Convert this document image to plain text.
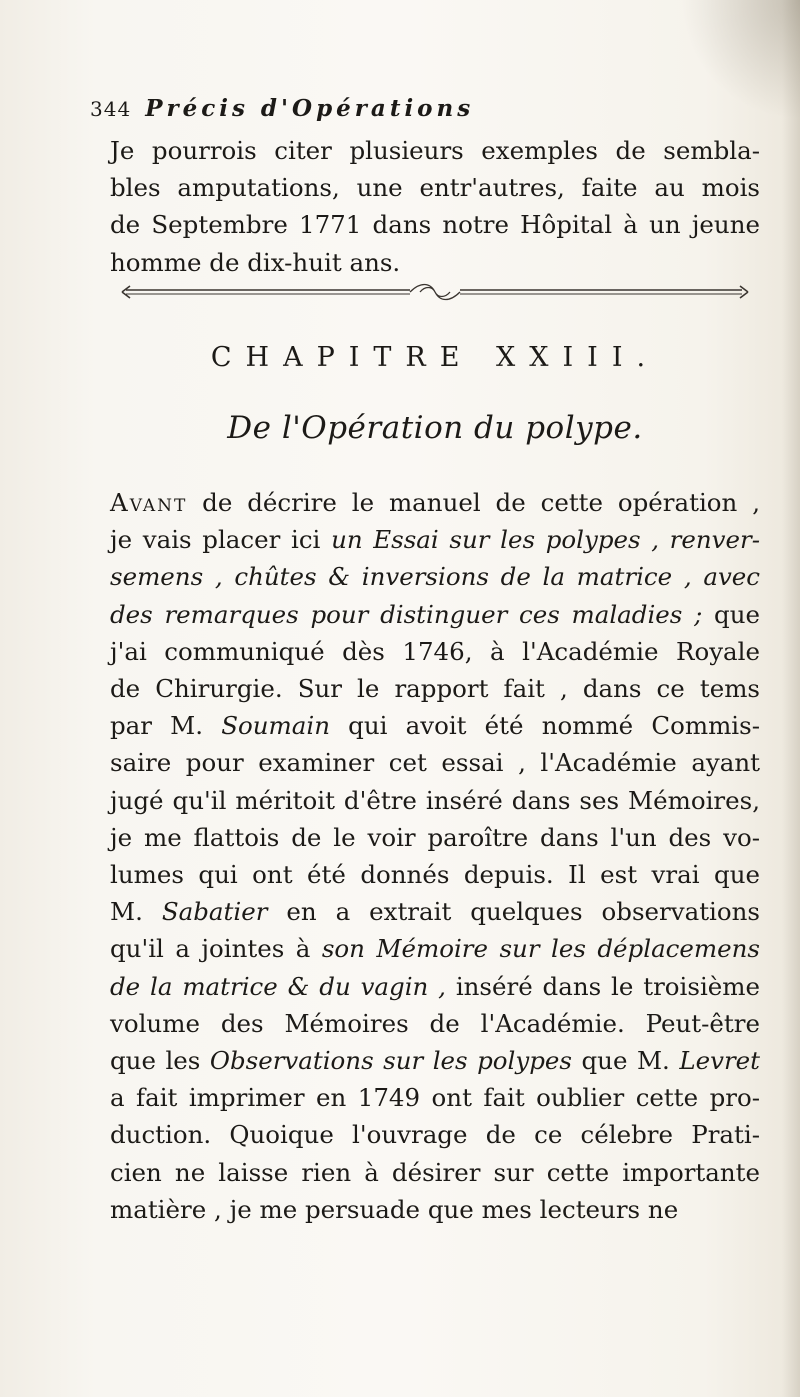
344 Précis d'Opérations
Je pourrois citer plusieurs exemples de sembla-
bles amputations, une entr'autres, faite au mois
de Septembre 1771 dans notre Hôpital à un jeune
homme de dix-huit ans.
CHAPITRE XXIII.
De l'Opération du polype.
Avant de décrire le manuel de cette opération ,
je vais placer ici un Essai sur les polypes , renver-
semens , chûtes & inversions de la matrice , avec
des remarques pour distinguer ces maladies ; que
j'ai communiqué dès 1746, à l'Académie Royale
de Chirurgie. Sur le rapport fait , dans ce tems
par M. Soumain qui avoit été nommé Commis-
saire pour examiner cet essai , l'Académie ayant
jugé qu'il méritoit d'être inséré dans ses Mémoires,
je me flattois de le voir paroître dans l'un des vo-
lumes qui ont été donnés depuis. Il est vrai que
M. Sabatier en a extrait quelques observations
qu'il a jointes à son Mémoire sur les déplacemens
de la matrice & du vagin , inséré dans le troisième
volume des Mémoires de l'Académie. Peut-être
que les Observations sur les polypes que M. Levret
a fait imprimer en 1749 ont fait oublier cette pro-
duction. Quoique l'ouvrage de ce célebre Prati-
cien ne laisse rien à désirer sur cette importante
matière , je me persuade que mes lecteurs ne
